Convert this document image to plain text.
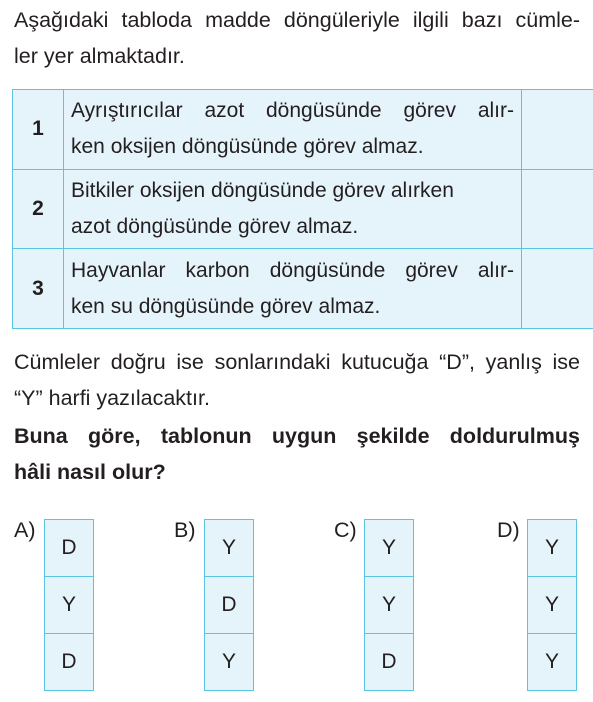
Aşağıdaki tabloda madde döngüleriyle ilgili bazı cümle-
ler yer almaktadır.

1	Ayrıştırıcılar azot döngüsünde görev alır-
ken oksijen döngüsünde görev almaz.	

2	Bitkiler oksijen döngüsünde görev alırken
azot döngüsünde görev almaz.	

3	Hayvanlar karbon döngüsünde görev alır-
ken su döngüsünde görev almaz.	

Cümleler doğru ise sonlarındaki kutucuğa “D”, yanlış ise
“Y” harfi yazılacaktır.

Buna göre, tablonun uygun şekilde doldurulmuş
hâli nasıl olur?

A)
D
Y
D
B)
Y
D
Y
C)
Y
Y
D
D)
Y
Y
Y
